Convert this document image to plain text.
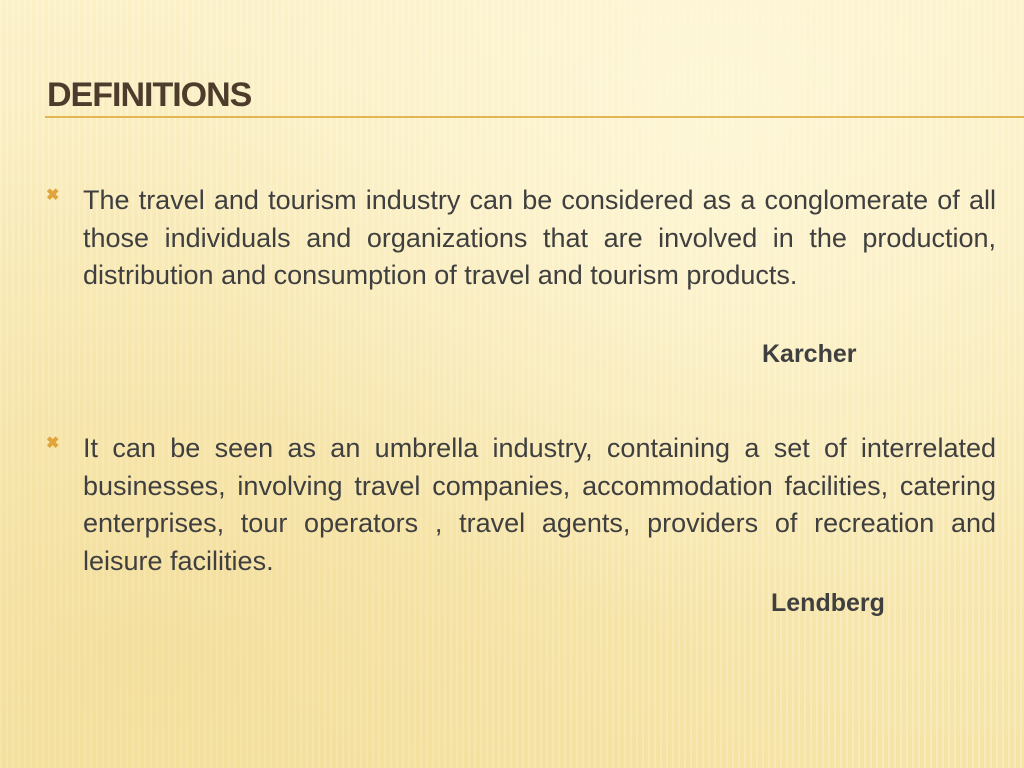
DEFINITIONS
✖ The travel and tourism industry can be considered as a conglomerate of all those individuals and organizations that are involved in the production, distribution and consumption of travel and tourism products.

Karcher
✖ It can be seen as an umbrella industry, containing a set of interrelated businesses, involving travel companies, accommodation facilities, catering enterprises, tour operators , travel agents, providers of recreation and leisure facilities.

Lendberg
